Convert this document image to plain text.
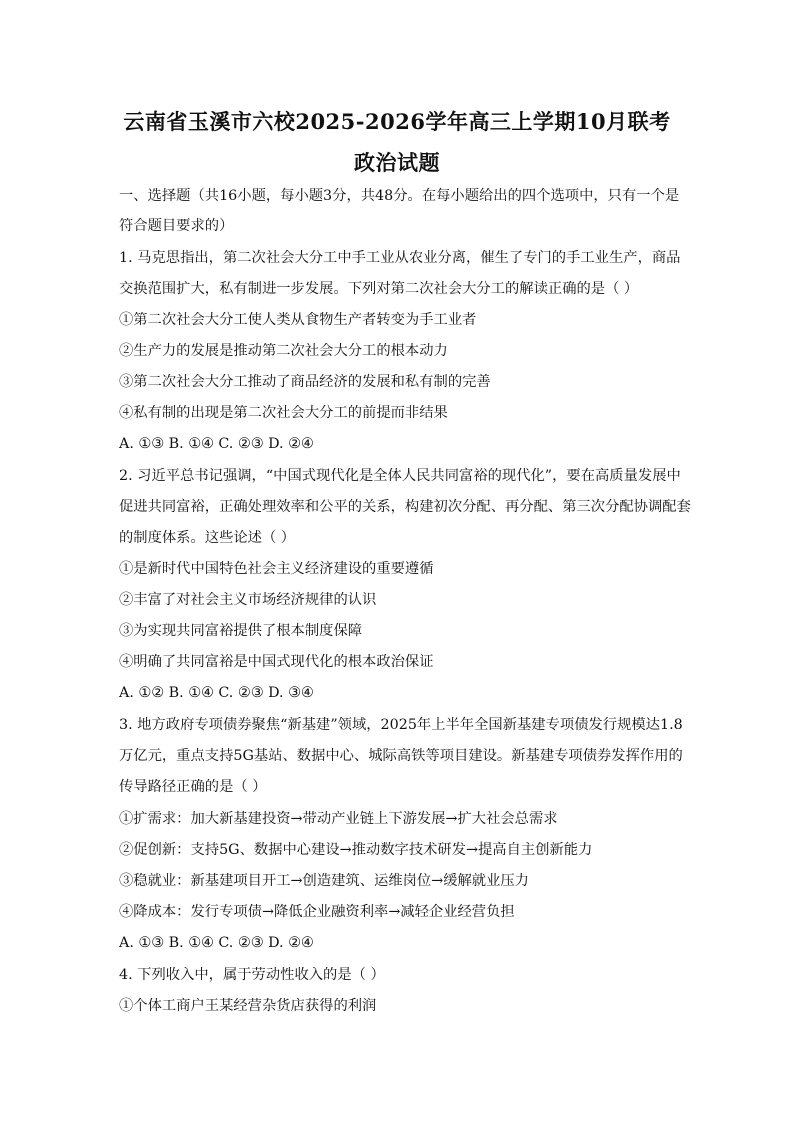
云南省玉溪市六校2025-2026学年高三上学期10月联考
政治试题
一、选择题（共16小题，每小题3分，共48分。在每小题给出的四个选项中，只有一个是
符合题目要求的）
1. 马克思指出，第二次社会大分工中手工业从农业分离，催生了专门的手工业生产，商品
交换范围扩大，私有制进一步发展。下列对第二次社会大分工的解读正确的是（ ）
①第二次社会大分工使人类从食物生产者转变为手工业者
②生产力的发展是推动第二次社会大分工的根本动力
③第二次社会大分工推动了商品经济的发展和私有制的完善
④私有制的出现是第二次社会大分工的前提而非结果
A. ①③ B. ①④ C. ②③ D. ②④
2. 习近平总书记强调，“中国式现代化是全体人民共同富裕的现代化”，要在高质量发展中
促进共同富裕，正确处理效率和公平的关系，构建初次分配、再分配、第三次分配协调配套
的制度体系。这些论述（ ）
①是新时代中国特色社会主义经济建设的重要遵循
②丰富了对社会主义市场经济规律的认识
③为实现共同富裕提供了根本制度保障
④明确了共同富裕是中国式现代化的根本政治保证
A. ①② B. ①④ C. ②③ D. ③④
3. 地方政府专项债券聚焦“新基建”领域，2025年上半年全国新基建专项债发行规模达1.8
万亿元，重点支持5G基站、数据中心、城际高铁等项目建设。新基建专项债券发挥作用的
传导路径正确的是（ ）
①扩需求：加大新基建投资→带动产业链上下游发展→扩大社会总需求
②促创新：支持5G、数据中心建设→推动数字技术研发→提高自主创新能力
③稳就业：新基建项目开工→创造建筑、运维岗位→缓解就业压力
④降成本：发行专项债→降低企业融资利率→减轻企业经营负担
A. ①③ B. ①④ C. ②③ D. ②④
4. 下列收入中，属于劳动性收入的是（ ）
①个体工商户王某经营杂货店获得的利润
